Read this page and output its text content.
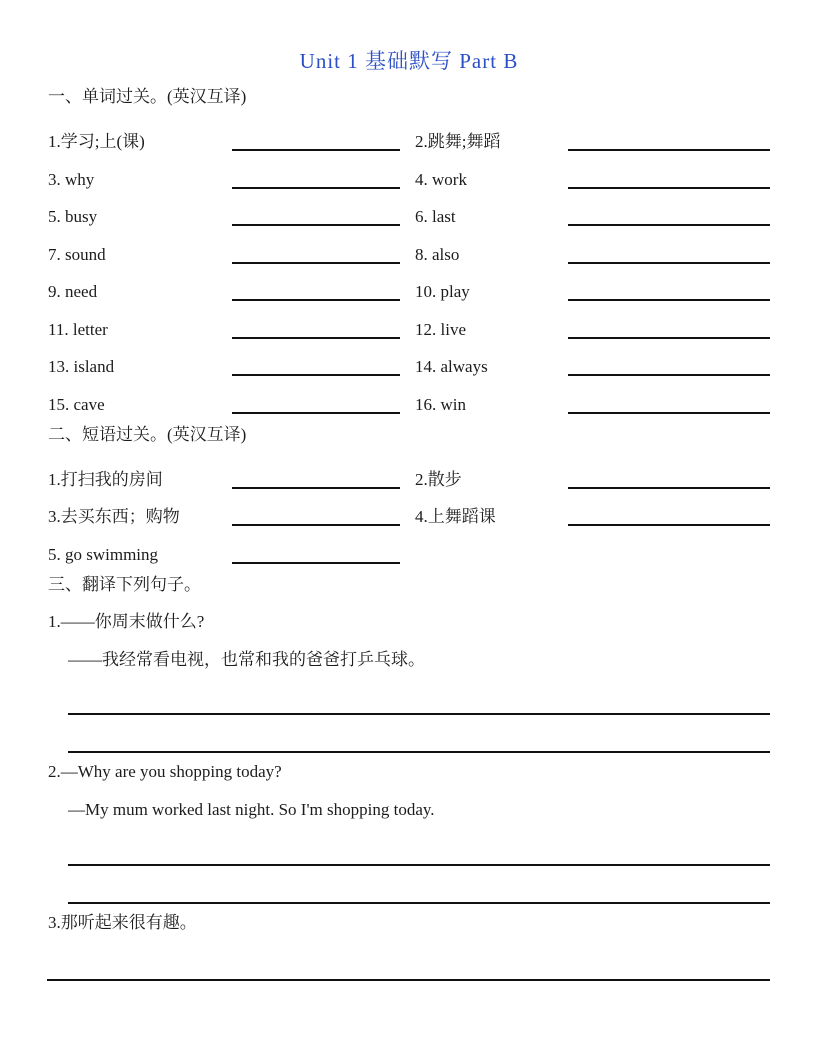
Unit 1 基础默写 Part B
一、单词过关。(英汉互译)
1.学习;上(课)	2.跳舞;舞蹈
3. why	4. work
5. busy	6. last
7. sound	8. also
9. need	10. play
11. letter	12. live
13. island	14. always
15. cave	16. win
二、短语过关。(英汉互译)
1.打扫我的房间	2.散步
3.去买东西；购物	4.上舞蹈课
5. go swimming
三、翻译下列句子。
1.——你周末做什么?
——我经常看电视，也常和我的爸爸打乒乓球。
2.—Why are you shopping today?
—My mum worked last night. So I'm shopping today.
3.那听起来很有趣。
